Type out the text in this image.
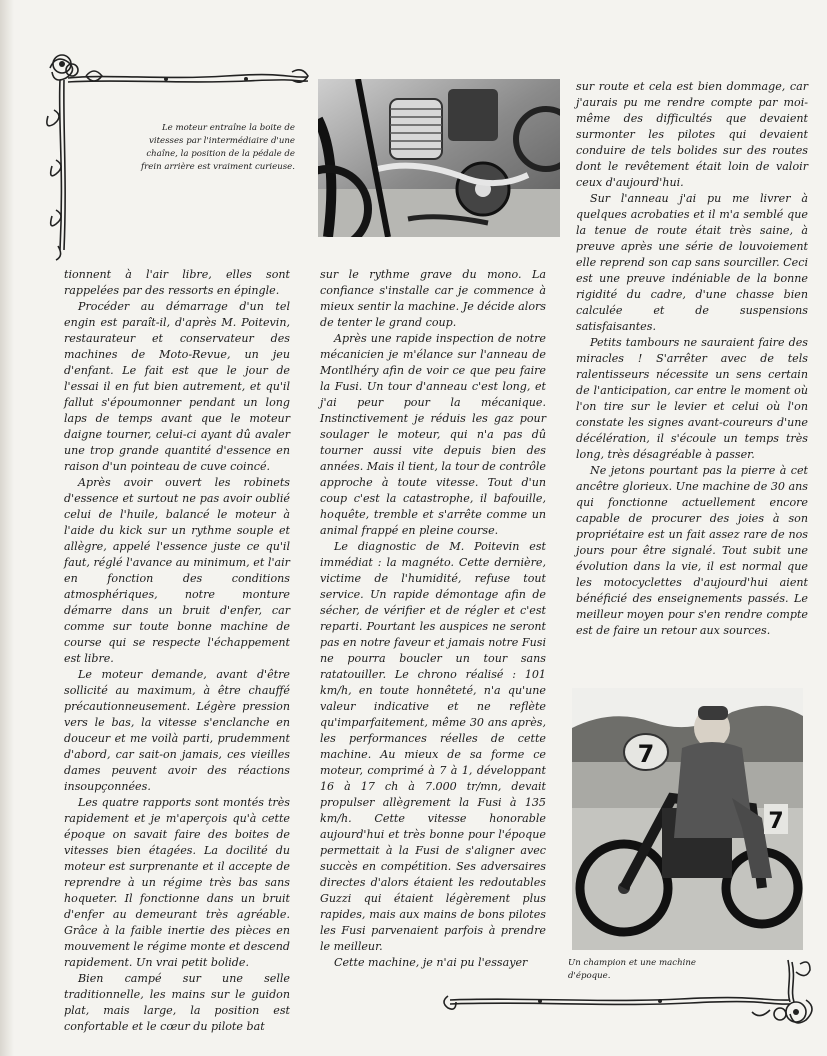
Le moteur entraîne la boite de vitesses par l'intermédiaire d'une chaîne, la position de la pédale de frein arrière est vraiment curieuse.
7
7
Un champion et une machine d'époque.

tionnent à l'air libre, elles sont rappelées par des ressorts en épingle.

Procéder au démarrage d'un tel engin est paraît-il, d'après M. Poitevin, restaurateur et conservateur des machines de Moto-Revue, un jeu d'enfant. Le fait est que le jour de l'essai il en fut bien autrement, et qu'il fallut s'époumonner pendant un long laps de temps avant que le moteur daigne tourner, celui-ci ayant dû avaler une trop grande quantité d'essence en raison d'un pointeau de cuve coincé.

Après avoir ouvert les robinets d'essence et surtout ne pas avoir oublié celui de l'huile, balancé le moteur à l'aide du kick sur un rythme souple et allègre, appelé l'essence juste ce qu'il faut, réglé l'avance au minimum, et l'air en fonction des conditions atmosphériques, notre monture démarre dans un bruit d'enfer, car comme sur toute bonne machine de course qui se respecte l'échappement est libre.

Le moteur demande, avant d'être sollicité au maximum, à être chauffé précautionneusement. Légère pression vers le bas, la vitesse s'enclanche en douceur et me voilà parti, prudemment d'abord, car sait-on jamais, ces vieilles dames peuvent avoir des réactions insoupçonnées.

Les quatre rapports sont montés très rapidement et je m'aperçois qu'à cette époque on savait faire des boites de vitesses bien étagées. La docilité du moteur est surprenante et il accepte de reprendre à un régime très bas sans hoqueter. Il fonctionne dans un bruit d'enfer au demeurant très agréable. Grâce à la faible inertie des pièces en mouvement le régime monte et descend rapidement. Un vrai petit bolide.

Bien campé sur une selle traditionnelle, les mains sur le guidon plat, mais large, la position est confortable et le cœur du pilote bat

sur le rythme grave du mono. La confiance s'installe car je commence à mieux sentir la machine. Je décide alors de tenter le grand coup.

Après une rapide inspection de notre mécanicien je m'élance sur l'anneau de Montlhéry afin de voir ce que peu faire la Fusi. Un tour d'anneau c'est long, et j'ai peur pour la mécanique. Instinctivement je réduis les gaz pour soulager le moteur, qui n'a pas dû tourner aussi vite depuis bien des années. Mais il tient, la tour de contrôle approche à toute vitesse. Tout d'un coup c'est la catastrophe, il bafouille, hoquête, tremble et s'arrête comme un animal frappé en pleine course.

Le diagnostic de M. Poitevin est immédiat : la magnéto. Cette dernière, victime de l'humidité, refuse tout service. Un rapide démontage afin de sécher, de vérifier et de régler et c'est reparti. Pourtant les auspices ne seront pas en notre faveur et jamais notre Fusi ne pourra boucler un tour sans ratatouiller. Le chrono réalisé : 101 km/h, en toute honnêteté, n'a qu'une valeur indicative et ne reflète qu'imparfaitement, même 30 ans après, les performances réelles de cette machine. Au mieux de sa forme ce moteur, comprimé à 7 à 1, développant 16 à 17 ch à 7.000 tr/mn, devait propulser allègrement la Fusi à 135 km/h. Cette vitesse honorable aujourd'hui et très bonne pour l'époque permettait à la Fusi de s'aligner avec succès en compétition. Ses adversaires directes d'alors étaient les redoutables Guzzi qui étaient légèrement plus rapides, mais aux mains de bons pilotes les Fusi parvenaient parfois à prendre le meilleur.

Cette machine, je n'ai pu l'essayer

sur route et cela est bien dommage, car j'aurais pu me rendre compte par moi-même des difficultés que devaient surmonter les pilotes qui devaient conduire de tels bolides sur des routes dont le revêtement était loin de valoir ceux d'aujourd'hui.

Sur l'anneau j'ai pu me livrer à quelques acrobaties et il m'a semblé que la tenue de route était très saine, à preuve après une série de louvoiement elle reprend son cap sans sourciller. Ceci est une preuve indéniable de la bonne rigidité du cadre, d'une chasse bien calculée et de suspensions satisfaisantes.

Petits tambours ne sauraient faire des miracles ! S'arrêter avec de tels ralentisseurs nécessite un sens certain de l'anticipation, car entre le moment où l'on tire sur le levier et celui où l'on constate les signes avant-coureurs d'une décélération, il s'écoule un temps très long, très désagréable à passer.

Ne jetons pourtant pas la pierre à cet ancêtre glorieux. Une machine de 30 ans qui fonctionne actuellement encore capable de procurer des joies à son propriétaire est un fait assez rare de nos jours pour être signalé. Tout subit une évolution dans la vie, il est normal que les motocyclettes d'aujourd'hui aient bénéficié des enseignements passés. Le meilleur moyen pour s'en rendre compte est de faire un retour aux sources.
